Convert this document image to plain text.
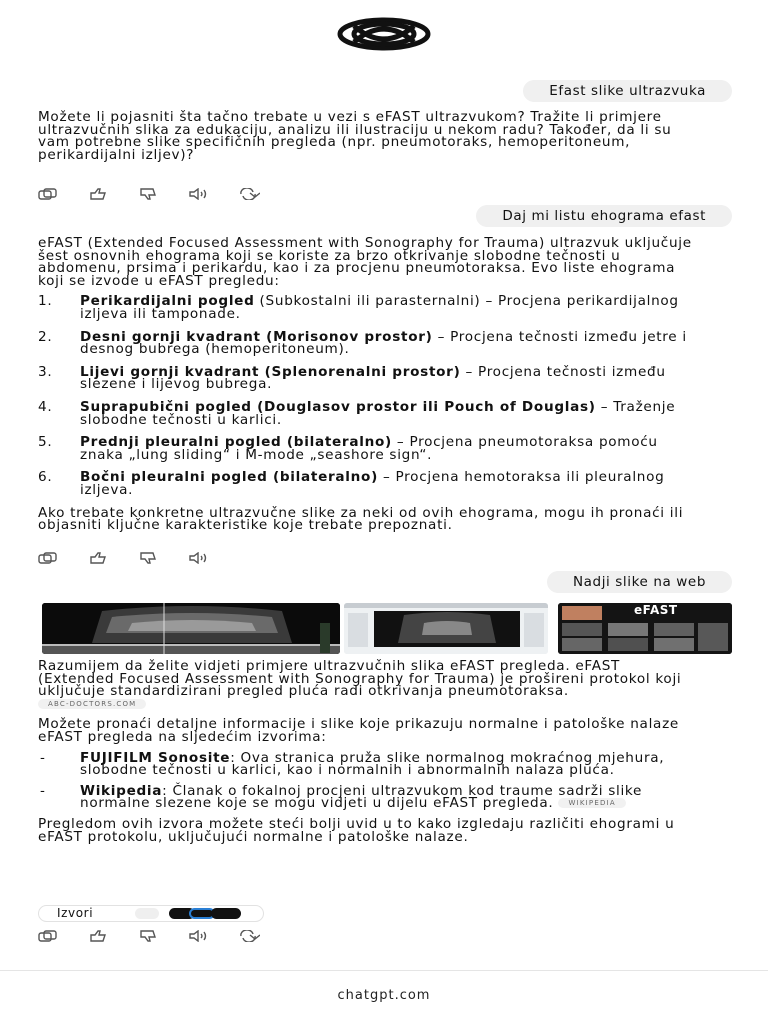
Efast slike ultrazvuka

Možete li pojasniti šta tačno trebate u vezi s eFAST ultrazvukom? Tražite li primjere ultrazvučnih slika za edukaciju, analizu ili ilustraciju u nekom radu? Također, da li su vam potrebne slike specifičnih pregleda (npr. pneumotoraks, hemoperitoneum, perikardijalni izljev)?

Daj mi listu ehograma efast

eFAST (Extended Focused Assessment with Sonography for Trauma) ultrazvuk uključuje šest osnovnih ehograma koji se koriste za brzo otkrivanje slobodne tečnosti u abdomenu, prsima i perikardu, kao i za procjenu pneumotoraksa. Evo liste ehograma koji se izvode u eFAST pregledu:

1. Perikardijalni pogled (Subkostalni ili parasternalni) – Procjena perikardijalnog izljeva ili tamponade.
2. Desni gornji kvadrant (Morisonov prostor) – Procjena tečnosti između jetre i desnog bubrega (hemoperitoneum).
3. Lijevi gornji kvadrant (Splenorenalni prostor) – Procjena tečnosti između slezene i lijevog bubrega.
4. Suprapubični pogled (Douglasov prostor ili Pouch of Douglas) – Traženje slobodne tečnosti u karlici.
5. Prednji pleuralni pogled (bilateralno) – Procjena pneumotoraksa pomoću znaka „lung sliding“ i M-mode „seashore sign“.
6. Bočni pleuralni pogled (bilateralno) – Procjena hemotoraksa ili pleuralnog izljeva.

Ako trebate konkretne ultrazvučne slike za neki od ovih ehograma, mogu ih pronaći ili objasniti ključne karakteristike koje trebate prepoznati.

Nadji slike na web
eFAST

Razumijem da želite vidjeti primjere ultrazvučnih slika eFAST pregleda. eFAST (Extended Focused Assessment with Sonography for Trauma) je prošireni protokol koji uključuje standardizirani pregled pluća radi otkrivanja pneumotoraksa.
ABC-DOCTORS.COM

Možete pronaći detaljne informacije i slike koje prikazuju normalne i patološke nalaze eFAST pregleda na sljedećim izvorima:

-	FUJIFILM Sonosite: Ova stranica pruža slike normalnog mokraćnog mjehura, slobodne tečnosti u karlici, kao i normalnih i abnormalnih nalaza pluća.
-	Wikipedia: Članak o fokalnoj procjeni ultrazvukom kod traume sadrži slike normalne slezene koje se mogu vidjeti u dijelu eFAST pregleda. WIKIPEDIA

Pregledom ovih izvora možete steći bolji uvid u to kako izgledaju različiti ehogrami u eFAST protokolu, uključujući normalne i patološke nalaze.

Izvori
chatgpt.com
